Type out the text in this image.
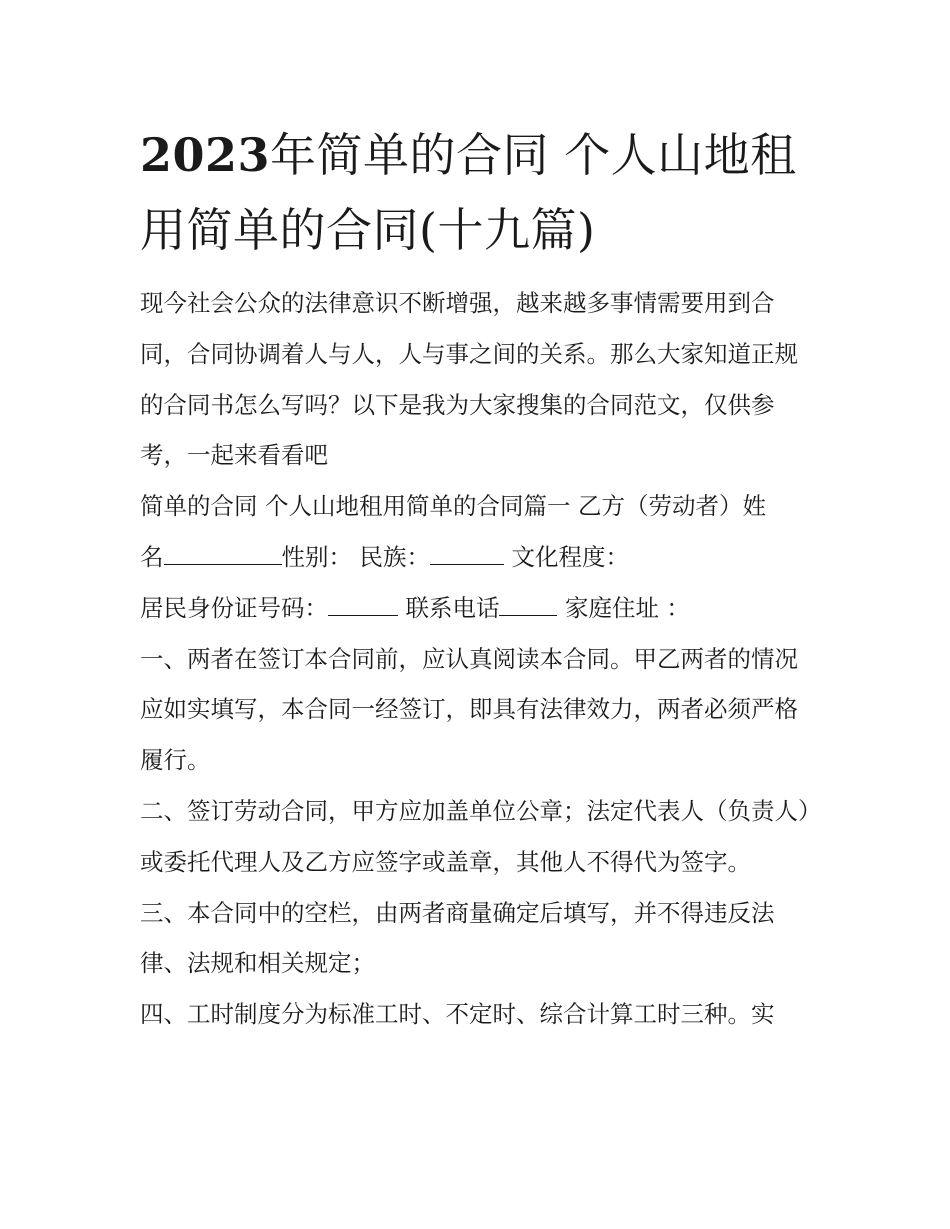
2023年简单的合同 个人山地租用简单的合同(十九篇)

现今社会公众的法律意识不断增强，越来越多事情需要用到合同，合同协调着人与人，人与事之间的关系。那么大家知道正规的合同书怎么写吗？以下是我为大家搜集的合同范文，仅供参考，一起来看看吧

简单的合同 个人山地租用简单的合同篇一 乙方（劳动者）姓

名	性别： 民族：	文化程度：

居民身份证号码：	联系电话 家庭住址 ：

一、两者在签订本合同前，应认真阅读本合同。甲乙两者的情况应如实填写，本合同一经签订，即具有法律效力，两者必须严格履行。

二、签订劳动合同，甲方应加盖单位公章；法定代表人（负责人）或委托代理人及乙方应签字或盖章，其他人不得代为签字。

三、本合同中的空栏，由两者商量确定后填写，并不得违反法律、法规和相关规定；

四、工时制度分为标准工时、不定时、综合计算工时三种。实
